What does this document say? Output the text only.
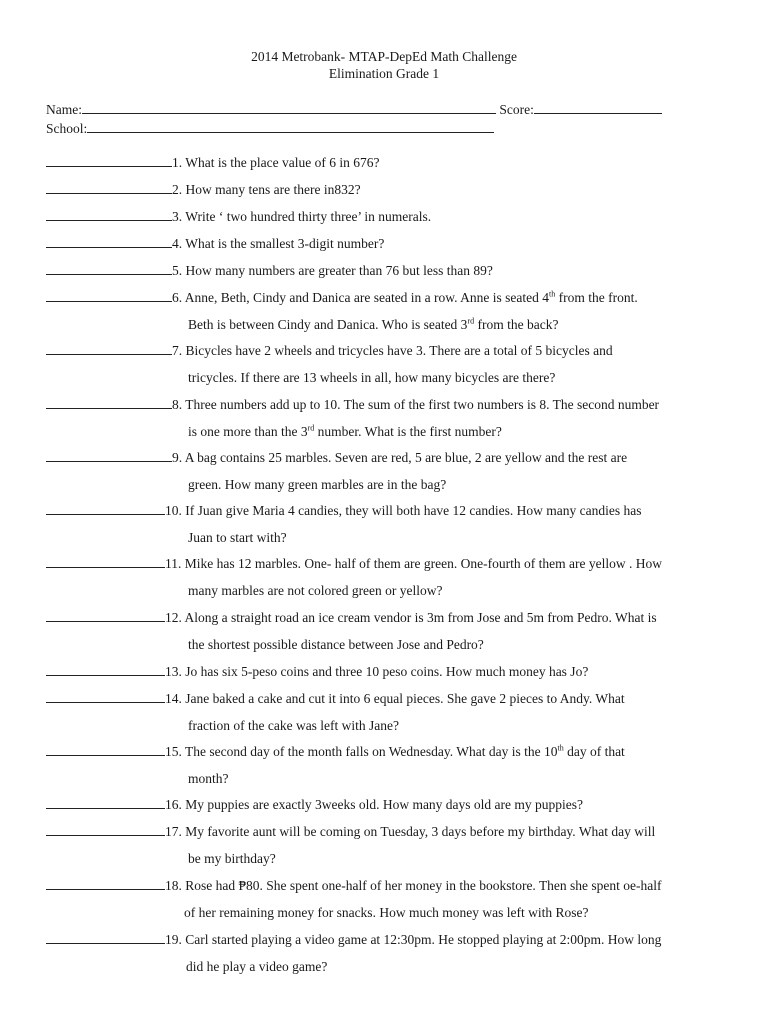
2014 Metrobank- MTAP-DepEd Math Challenge
Elimination Grade 1
Name:	Score:
School:
1. What is the place value of 6 in 676?
2. How many tens are there in832?
3. Write ‘ two hundred thirty three’ in numerals.
4. What is the smallest 3-digit number?
5. How many numbers are greater than 76 but less than 89?
6. Anne, Beth, Cindy and Danica are seated in a row. Anne is seated 4th from the front.
Beth is between Cindy and Danica. Who is seated 3rd from the back?
7. Bicycles have 2 wheels and tricycles have 3. There are a total of 5 bicycles and
tricycles. If there are 13 wheels in all, how many bicycles are there?
8. Three numbers add up to 10. The sum of the first two numbers is 8. The second number
is one more than the 3rd number. What is the first number?
9. A bag contains 25 marbles. Seven are red, 5 are blue, 2 are yellow and the rest are
green. How many green marbles are in the bag?
10. If Juan give Maria 4 candies, they will both have 12 candies. How many candies has
Juan to start with?
11. Mike has 12 marbles. One- half of them are green. One-fourth of them are yellow . How
many marbles are not colored green or yellow?
12. Along a straight road an ice cream vendor is 3m from Jose and 5m from Pedro. What is
the shortest possible distance between Jose and Pedro?
13. Jo has six 5-peso coins and three 10 peso coins. How much money has Jo?
14. Jane baked a cake and cut it into 6 equal pieces. She gave 2 pieces to Andy. What
fraction of the cake was left with Jane?
15. The second day of the month falls on Wednesday. What day is the 10th day of that
month?
16. My puppies are exactly 3weeks old. How many days old are my puppies?
17. My favorite aunt will be coming on Tuesday, 3 days before my birthday. What day will
be my birthday?
18. Rose had ₱80. She spent one-half of her money in the bookstore. Then she spent oe-half
of her remaining money for snacks. How much money was left with Rose?
19. Carl started playing a video game at 12:30pm. He stopped playing at 2:00pm. How long
did he play a video game?
